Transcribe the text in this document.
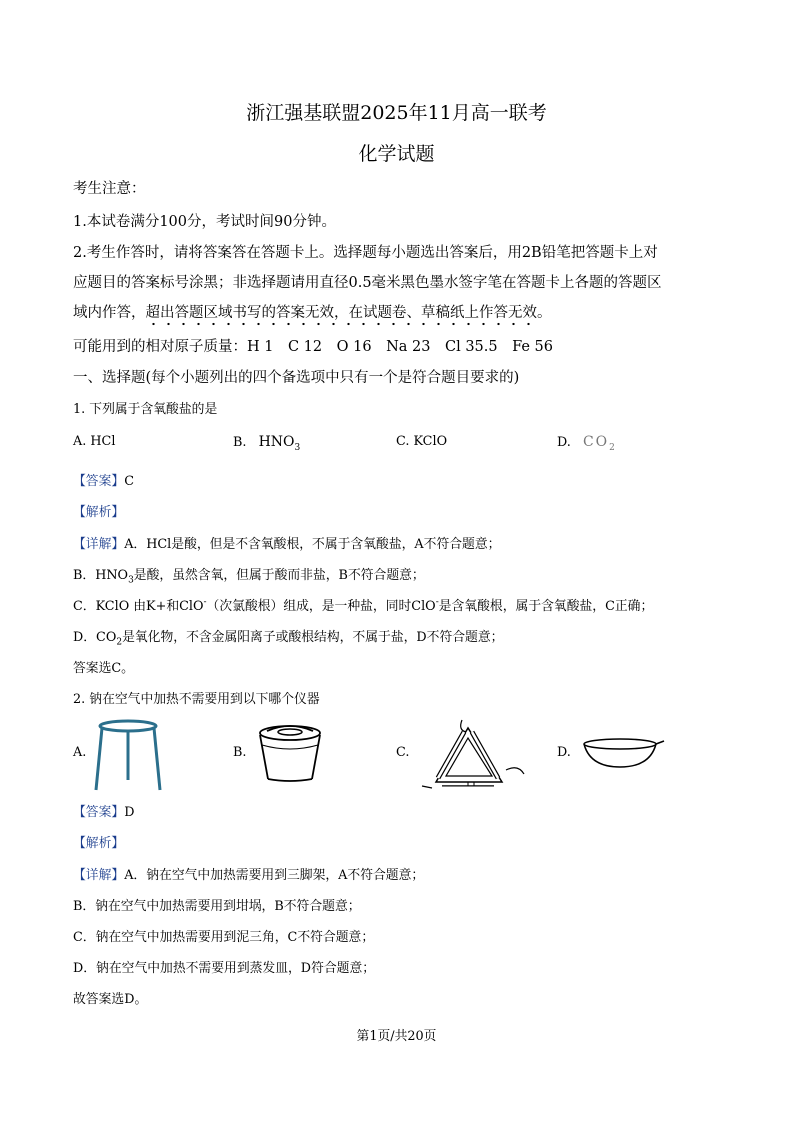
浙江强基联盟2025年11月高一联考
化学试题
考生注意：
1.本试卷满分100分，考试时间90分钟。
2.考生作答时，请将答案答在答题卡上。选择题每小题选出答案后，用2B铅笔把答题卡上对
应题目的答案标号涂黑；非选择题请用直径0.5毫米黑色墨水签字笔在答题卡上各题的答题区
域内作答，超出答题区域书写的答案无效，在试题卷、草稿纸上作答无效。
可能用到的相对原子质量：H 1　C 12　O 16　Na 23　Cl 35.5　Fe 56
一、选择题(每个小题列出的四个备选项中只有一个是符合题目要求的)
1. 下列属于含氧酸盐的是
A. HCl	B. $HNO_3$	C. KClO	D. $CO_2$
【答案】C
【解析】
【详解】A．HCl是酸，但是不含氧酸根，不属于含氧酸盐，A不符合题意；
B．$HNO_3$是酸，虽然含氧，但属于酸而非盐，B不符合题意；
C．KClO 由K+和ClO-（次氯酸根）组成，是一种盐，同时ClO-是含氧酸根，属于含氧酸盐，C正确；
D．$CO_2$是氧化物，不含金属阳离子或酸根结构，不属于盐，D不符合题意；
答案选C。
2. 钠在空气中加热不需要用到以下哪个仪器
A.	B.	C.	D.
【答案】D
【解析】
【详解】A．钠在空气中加热需要用到三脚架，A不符合题意；
B．钠在空气中加热需要用到坩埚，B不符合题意；
C．钠在空气中加热需要用到泥三角，C不符合题意；
D．钠在空气中加热不需要用到蒸发皿，D符合题意；
故答案选D。
第1页/共20页
